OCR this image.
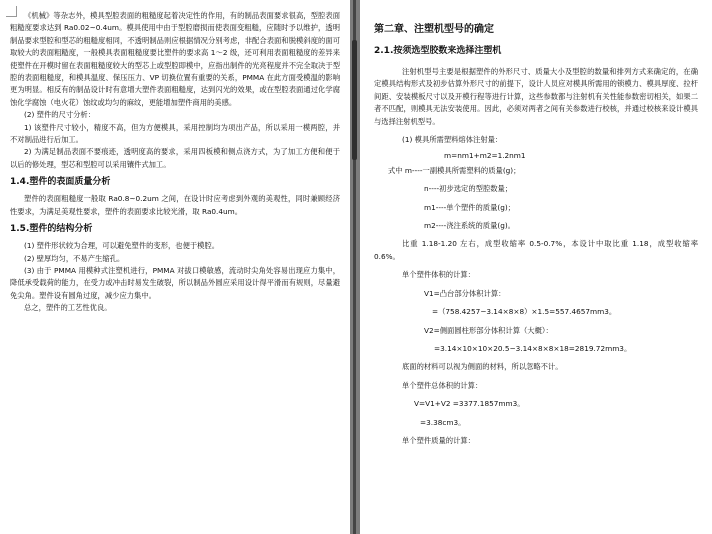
《机械》等杂志外，模具型腔表面的粗糙度起着决定性的作用，有的制品表面要求很高，型腔表面粗糙度要求达到 Ra0.02~0.4um。模具使用中由于型腔磨损而使表面变粗糙，应随时予以维护，透明制品要求型腔和型芯的粗糙度相同，不透明制品则应根据情况分别考虑，非配合表面和脱模斜度的面可取较大的表面粗糙度，一般模具表面粗糙度要比塑件的要求高 1～2 级，还可利用表面粗糙度的差异来使塑件在开模时留在表面粗糙度较大的型芯上或型腔即模中，应指出制件的光亮程度并不完全取决于型腔的表面粗糙度，和模具温度、保压压力、VP 切换位置有重要的关系，PMMA 在此方面受模温的影响更为明显。相反有的制品设计时有意增大塑件表面粗糙度，达到闪光的效果，或在型腔表面通过化学腐蚀化学腐蚀（电火花）蚀纹或均匀的麻纹，更能增加塑件商用的美感。

(2) 塑件的尺寸分析：

1) 该塑件尺寸较小，精度不高，但为方便模具，采用控制均为项出产品，所以采用一模两腔，并不对制品进行后加工。

2) 为满足制品表面不要痕迹，透明度高的要求，采用四板模和侧点浇方式，为了加工方便和便于以后的修处理，型芯和型腔可以采用镶件式加工。

1.4.塑件的表面质量分析

塑件的表面粗糙度一般取 Ra0.8~0.2um 之间，在设计时应考虑到外观的美观性，同时兼顾经济性要求，为满足美观性要求，塑件的表面要求比较光滑，取 Ra0.4um。

1.5.塑件的结构分析

(1) 塑件形状较为合理，可以避免塑件的变形，也便于模腔。

(2) 壁厚均匀，不易产生缩孔。

(3) 由于 PMMA 用模种式注塑机进行，PMMA 对拔口模敏感，流动时尖角处容易出现应力集中，降低承受载荷的能力，在受力或冲击时易发生破裂，所以制品外圆应采用设计得平滑而有规则，尽量避免尖角。塑件设有圆角过度，减少应力集中。

总之，塑件的工艺性优良。

第二章、注塑机型号的确定
2.1.按须选型胶数来选择注塑机

注射机型号主要是根据塑件的外形尺寸、质量大小及型腔的数量和排列方式来确定的，在确定模具结构形式及初步估算外形尺寸的前提下，设计人员应对模具所需用的锁模力、模具厚度、拉杆间距、安装模板尺寸以及开模行程等进行计算，这些参数都与注射机有关性能参数密切相关，如果二者不匹配，则模具无法安装使用。因此，必须对两者之间有关参数进行校核，并通过校核来设计模具与选择注射机型号。

(1) 模具所需塑料熔体注射量：

m=nm1+m2=1.2nm1

式中 m----一副模具所需塑料的质量(g)；

n----初步选定的型腔数量；

m1----单个塑件的质量(g)；

m2----浇注系统的质量(g)。

比重 1.18-1.20 左右，成型收缩率 0.5-0.7%，本设计中取比重 1.18，成型收缩率 0.6%。

单个塑件体积的计算：

V1=凸台部分体积计算：

=（758.4257−3.14×8×8）×1.5=557.4657mm3。

V2=侧面圆柱形部分体积计算（大概）：

=3.14×10×10×20.5−3.14×8×8×18=2819.72mm3。

底面的材料可以视为侧面的材料，所以忽略不计。

单个塑件总体积的计算：

V=V1+V2 =3377.1857mm3。

=3.38cm3。

单个塑件质量的计算：
